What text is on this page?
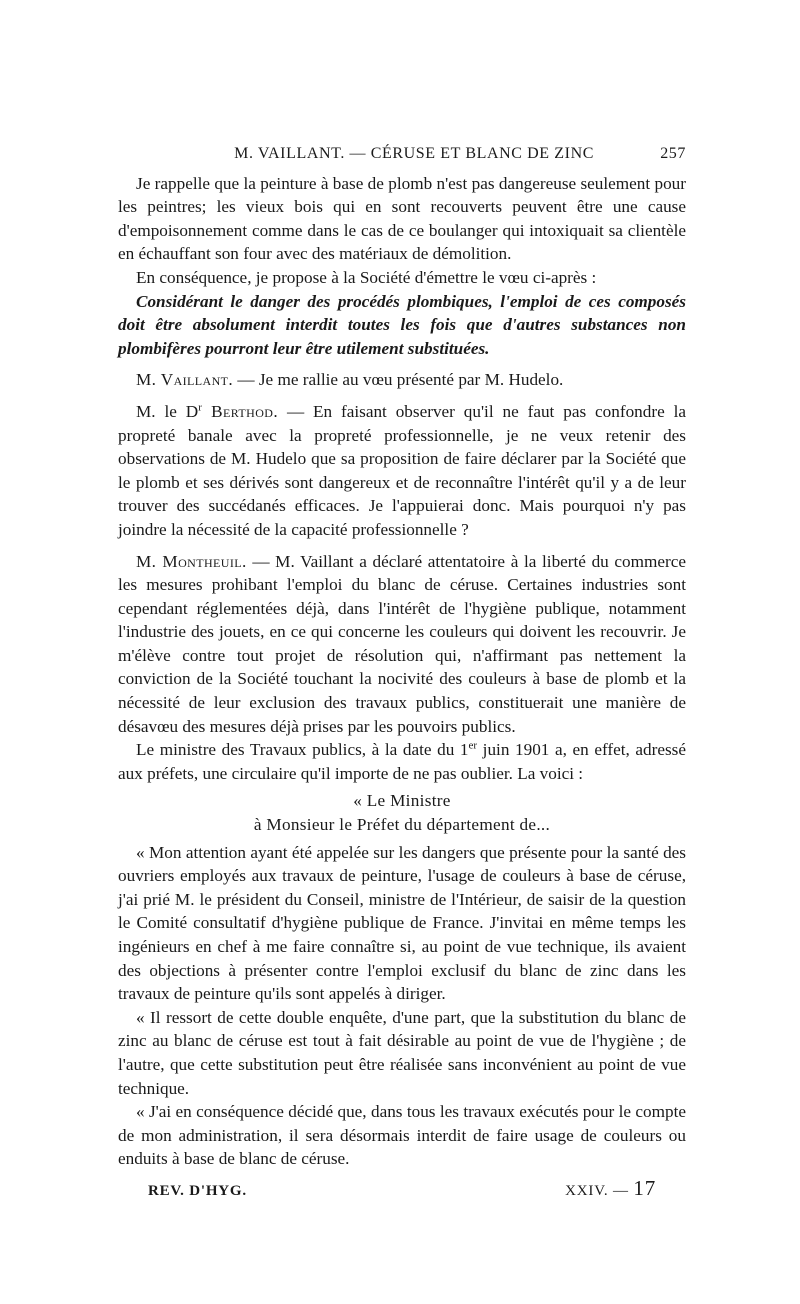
M. VAILLANT. — CÉRUSE ET BLANC DE ZINC	257

Je rappelle que la peinture à base de plomb n'est pas dangereuse seulement pour les peintres; les vieux bois qui en sont recouverts peuvent être une cause d'empoisonnement comme dans le cas de ce boulanger qui intoxiquait sa clientèle en échauffant son four avec des matériaux de démolition.

En conséquence, je propose à la Société d'émettre le vœu ci-après :

Considérant le danger des procédés plombiques, l'emploi de ces composés doit être absolument interdit toutes les fois que d'autres substances non plombifères pourront leur être utilement substituées.

M. Vaillant. — Je me rallie au vœu présenté par M. Hudelo.

M. le $D^r$ Berthod. — En faisant observer qu'il ne faut pas confondre la propreté banale avec la propreté professionnelle, je ne veux retenir des observations de M. Hudelo que sa proposition de faire déclarer par la Société que le plomb et ses dérivés sont dangereux et de reconnaître l'intérêt qu'il y a de leur trouver des succédanés efficaces. Je l'appuierai donc. Mais pourquoi n'y pas joindre la nécessité de la capacité professionnelle ?

M. Montheuil. — M. Vaillant a déclaré attentatoire à la liberté du commerce les mesures prohibant l'emploi du blanc de céruse. Certaines industries sont cependant réglementées déjà, dans l'intérêt de l'hygiène publique, notamment l'industrie des jouets, en ce qui concerne les couleurs qui doivent les recouvrir. Je m'élève contre tout projet de résolution qui, n'affirmant pas nettement la conviction de la Société touchant la nocivité des couleurs à base de plomb et la nécessité de leur exclusion des travaux publics, constituerait une manière de désavœu des mesures déjà prises par les pouvoirs publics.

Le ministre des Travaux publics, à la date du 1er juin 1901 a, en effet, adressé aux préfets, une circulaire qu'il importe de ne pas oublier. La voici :

« Le Ministre

à Monsieur le Préfet du département de...

« Mon attention ayant été appelée sur les dangers que présente pour la santé des ouvriers employés aux travaux de peinture, l'usage de couleurs à base de céruse, j'ai prié M. le président du Conseil, ministre de l'Intérieur, de saisir de la question le Comité consultatif d'hygiène publique de France. J'invitai en même temps les ingénieurs en chef à me faire connaître si, au point de vue technique, ils avaient des objections à présenter contre l'emploi exclusif du blanc de zinc dans les travaux de peinture qu'ils sont appelés à diriger.

« Il ressort de cette double enquête, d'une part, que la substitution du blanc de zinc au blanc de céruse est tout à fait désirable au point de vue de l'hygiène ; de l'autre, que cette substitution peut être réalisée sans inconvénient au point de vue technique.

« J'ai en conséquence décidé que, dans tous les travaux exécutés pour le compte de mon administration, il sera désormais interdit de faire usage de couleurs ou enduits à base de blanc de céruse.

REV. D'HYG.	XXIV. — 17
